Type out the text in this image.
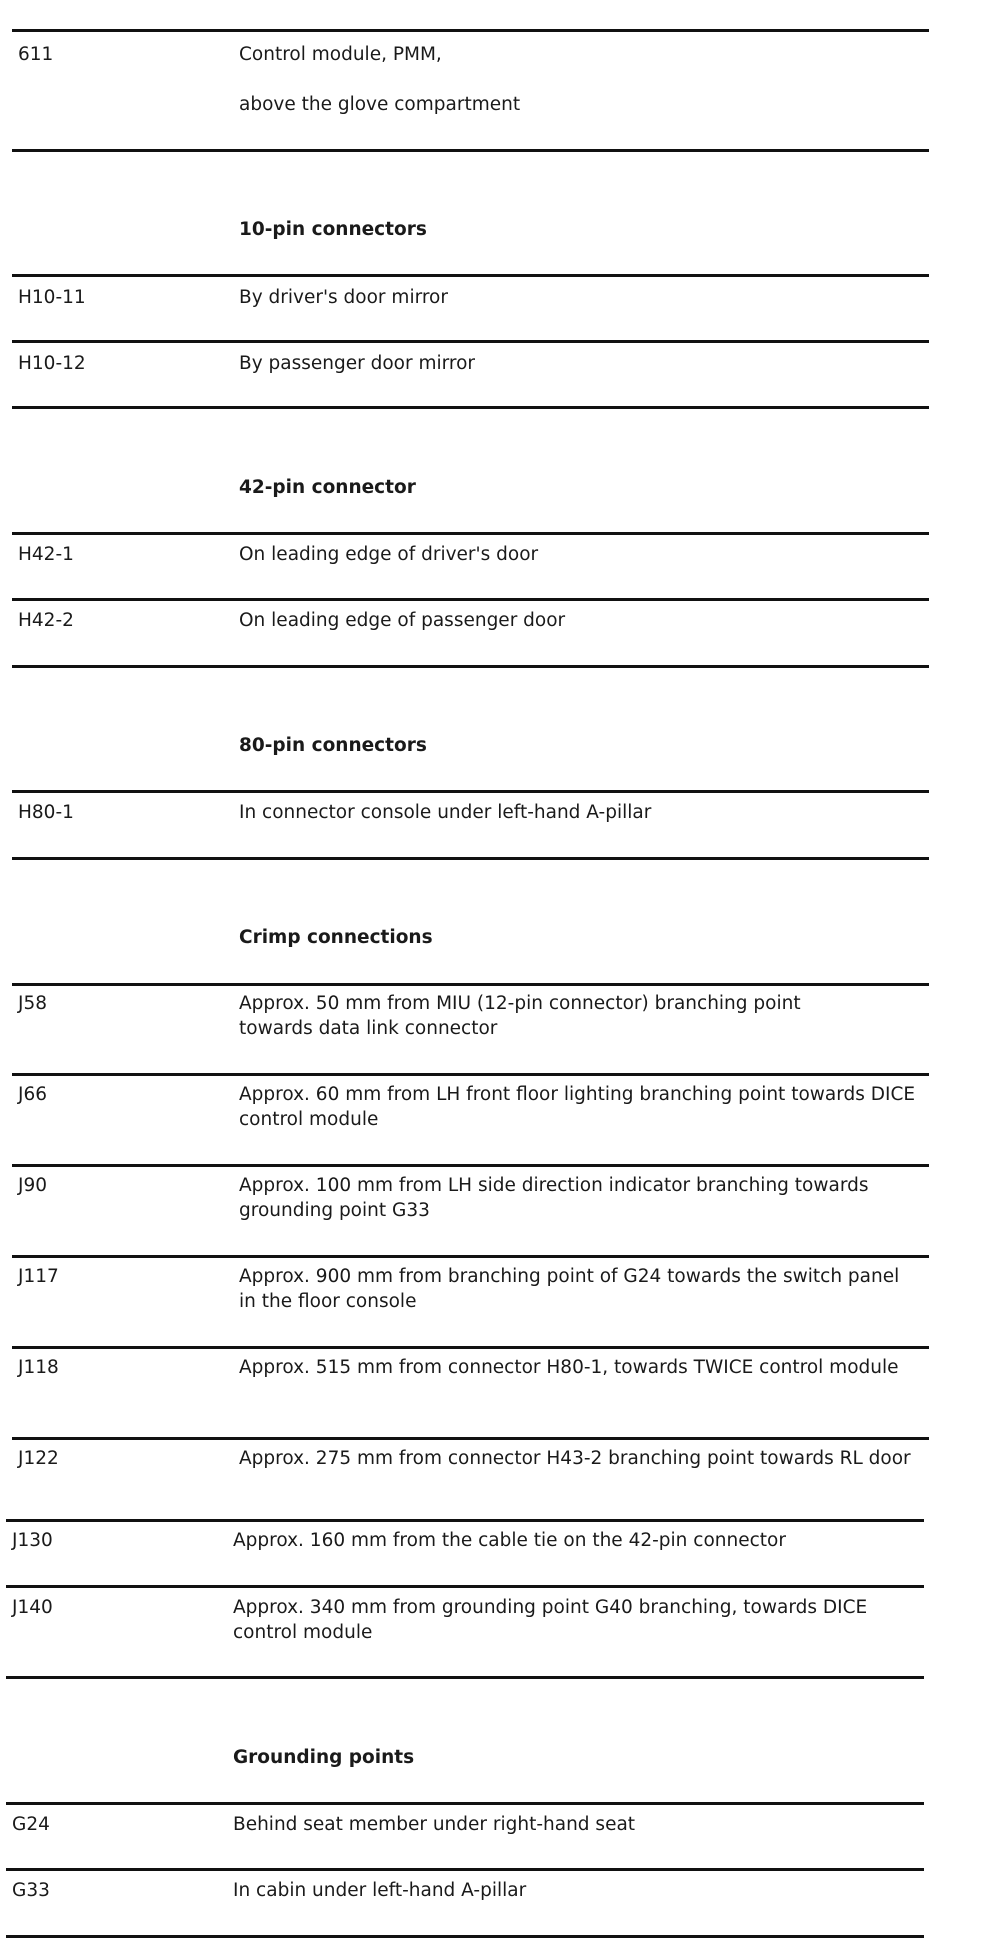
611	Control module, PMM,
above the glove compartment
10-pin connectors
H10-11	By driver's door mirror
H10-12	By passenger door mirror
42-pin connector
H42-1	On leading edge of driver's door
H42-2	On leading edge of passenger door
80-pin connectors
H80-1	In connector console under left-hand A-pillar
Crimp connections
J58	Approx. 50 mm from MIU (12-pin connector) branching point towards data link connector
J66	Approx. 60 mm from LH front floor lighting branching point towards DICE control module
J90	Approx. 100 mm from LH side direction indicator branching towards grounding point G33
J117	Approx. 900 mm from branching point of G24 towards the switch panel in the floor console
J118	Approx. 515 mm from connector H80-1, towards TWICE control module
J122	Approx. 275 mm from connector H43-2 branching point towards RL door
J130	Approx. 160 mm from the cable tie on the 42-pin connector
J140	Approx. 340 mm from grounding point G40 branching, towards DICE control module
Grounding points
G24	Behind seat member under right-hand seat
G33	In cabin under left-hand A-pillar
